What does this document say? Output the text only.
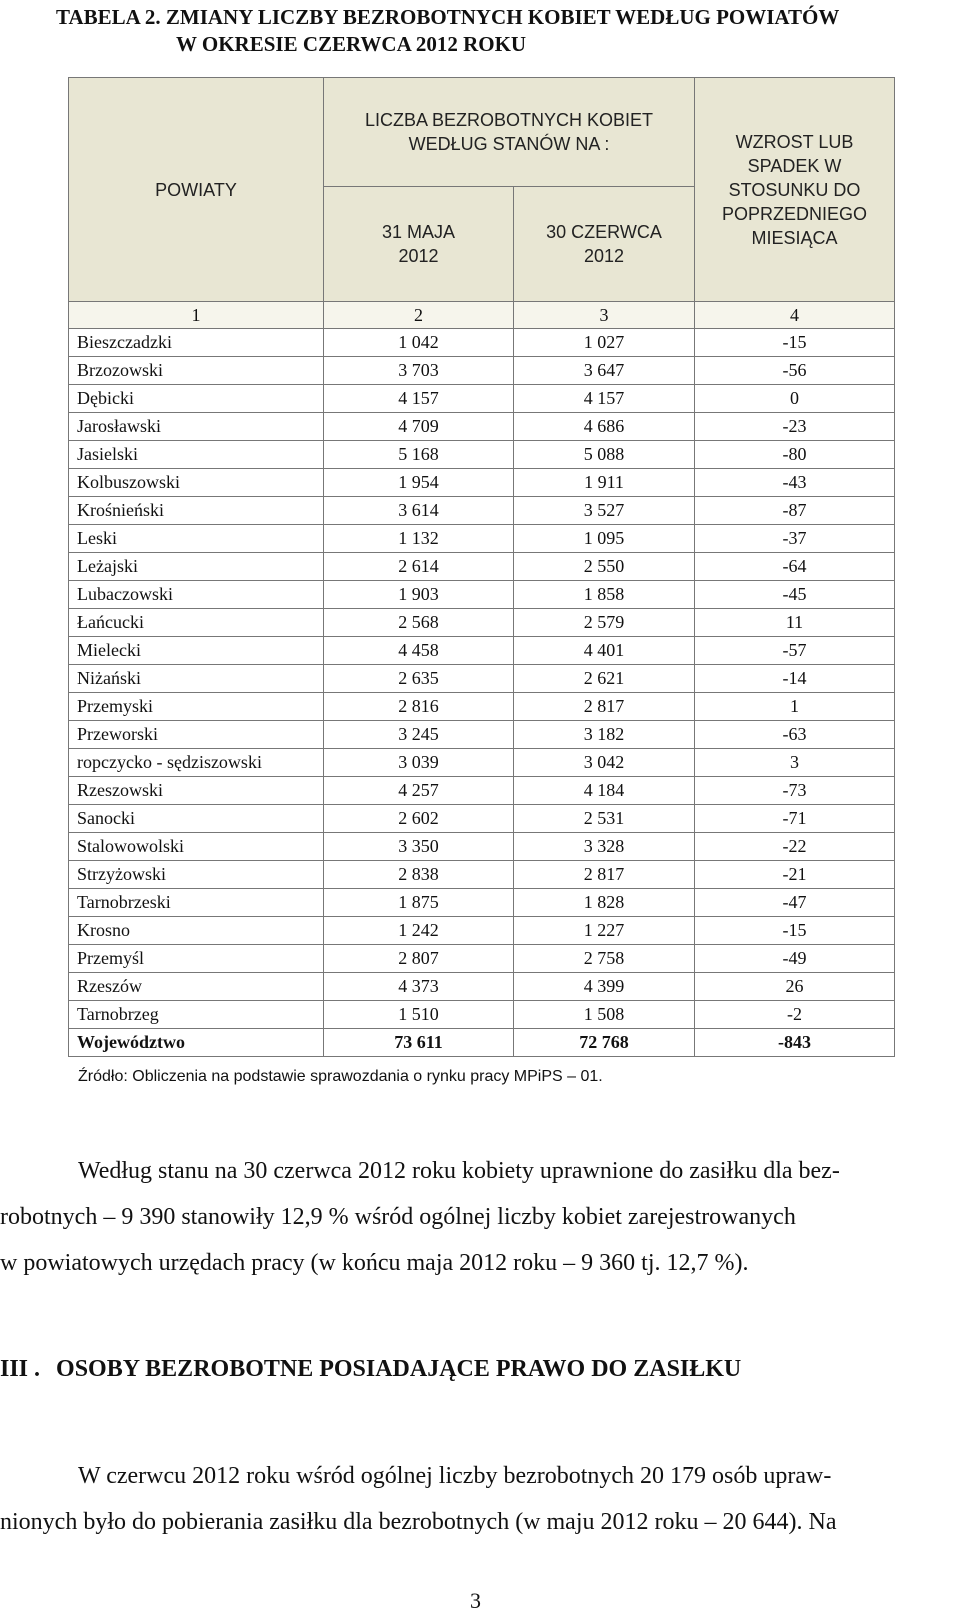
TABELA 2. ZMIANY LICZBY BEZROBOTNYCH KOBIET WEDŁUG POWIATÓW
W OKRESIE CZERWCA 2012 ROKU
POWIATY	LICZBA BEZROBOTNYCH KOBIET WEDŁUG STANÓW NA :		WZROST LUB SPADEK W STOSUNKU DO POPRZEDNIEGO MIESIĄCA

	31 MAJA 2012	30 CZERWCA 2012	

1	2	3	4
Bieszczadzki	1 042	1 027	-15
Brzozowski	3 703	3 647	-56
Dębicki	4 157	4 157	0
Jarosławski	4 709	4 686	-23
Jasielski	5 168	5 088	-80
Kolbuszowski	1 954	1 911	-43
Krośnieński	3 614	3 527	-87
Leski	1 132	1 095	-37
Leżajski	2 614	2 550	-64
Lubaczowski	1 903	1 858	-45
Łańcucki	2 568	2 579	11
Mielecki	4 458	4 401	-57
Niżański	2 635	2 621	-14
Przemyski	2 816	2 817	1
Przeworski	3 245	3 182	-63
ropczycko - sędziszowski	3 039	3 042	3
Rzeszowski	4 257	4 184	-73
Sanocki	2 602	2 531	-71
Stalowowolski	3 350	3 328	-22
Strzyżowski	2 838	2 817	-21
Tarnobrzeski	1 875	1 828	-47
Krosno	1 242	1 227	-15
Przemyśl	2 807	2 758	-49
Rzeszów	4 373	4 399	26
Tarnobrzeg	1 510	1 508	-2
Województwo	73 611	72 768	-843
Źródło: Obliczenia na podstawie sprawozdania o rynku pracy MPiPS – 01.
Według stanu na 30 czerwca 2012 roku kobiety uprawnione do zasiłku dla bez-
robotnych – 9 390 stanowiły 12,9 % wśród ogólnej liczby kobiet zarejestrowanych
w powiatowych urzędach pracy (w końcu maja 2012 roku – 9 360 tj. 12,7 %).
III . OSOBY BEZROBOTNE POSIADAJĄCE PRAWO DO ZASIŁKU
W czerwcu 2012 roku wśród ogólnej liczby bezrobotnych 20 179 osób upraw-
nionych było do pobierania zasiłku dla bezrobotnych (w maju 2012 roku – 20 644). Na
3
